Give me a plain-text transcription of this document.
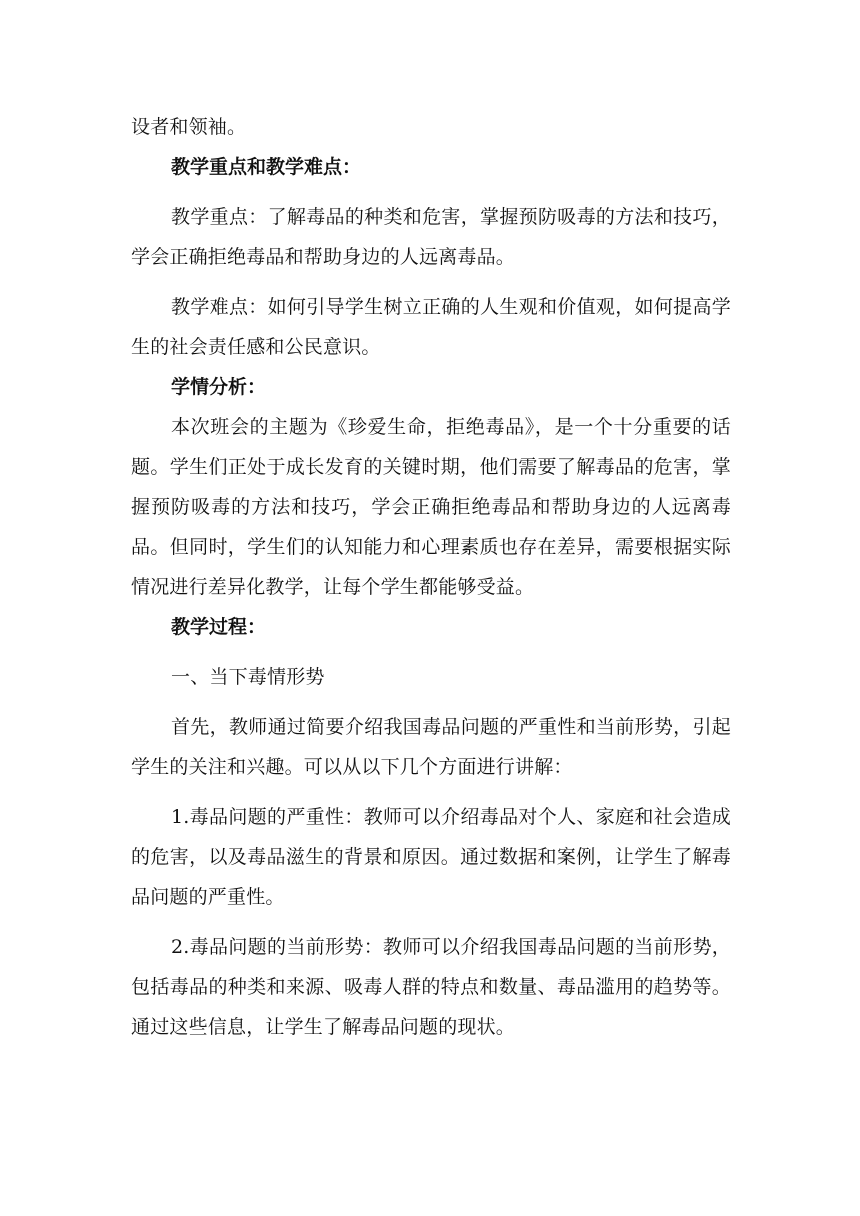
设者和领袖。

教学重点和教学难点：

教学重点：了解毒品的种类和危害，掌握预防吸毒的方法和技巧，学会正确拒绝毒品和帮助身边的人远离毒品。

教学难点：如何引导学生树立正确的人生观和价值观，如何提高学生的社会责任感和公民意识。

学情分析：

本次班会的主题为《珍爱生命，拒绝毒品》，是一个十分重要的话题。学生们正处于成长发育的关键时期，他们需要了解毒品的危害，掌握预防吸毒的方法和技巧，学会正确拒绝毒品和帮助身边的人远离毒品。但同时，学生们的认知能力和心理素质也存在差异，需要根据实际情况进行差异化教学，让每个学生都能够受益。

教学过程：

一、当下毒情形势

首先，教师通过简要介绍我国毒品问题的严重性和当前形势，引起学生的关注和兴趣。可以从以下几个方面进行讲解：

1.毒品问题的严重性：教师可以介绍毒品对个人、家庭和社会造成的危害，以及毒品滋生的背景和原因。通过数据和案例，让学生了解毒品问题的严重性。

2.毒品问题的当前形势：教师可以介绍我国毒品问题的当前形势，包括毒品的种类和来源、吸毒人群的特点和数量、毒品滥用的趋势等。通过这些信息，让学生了解毒品问题的现状。
